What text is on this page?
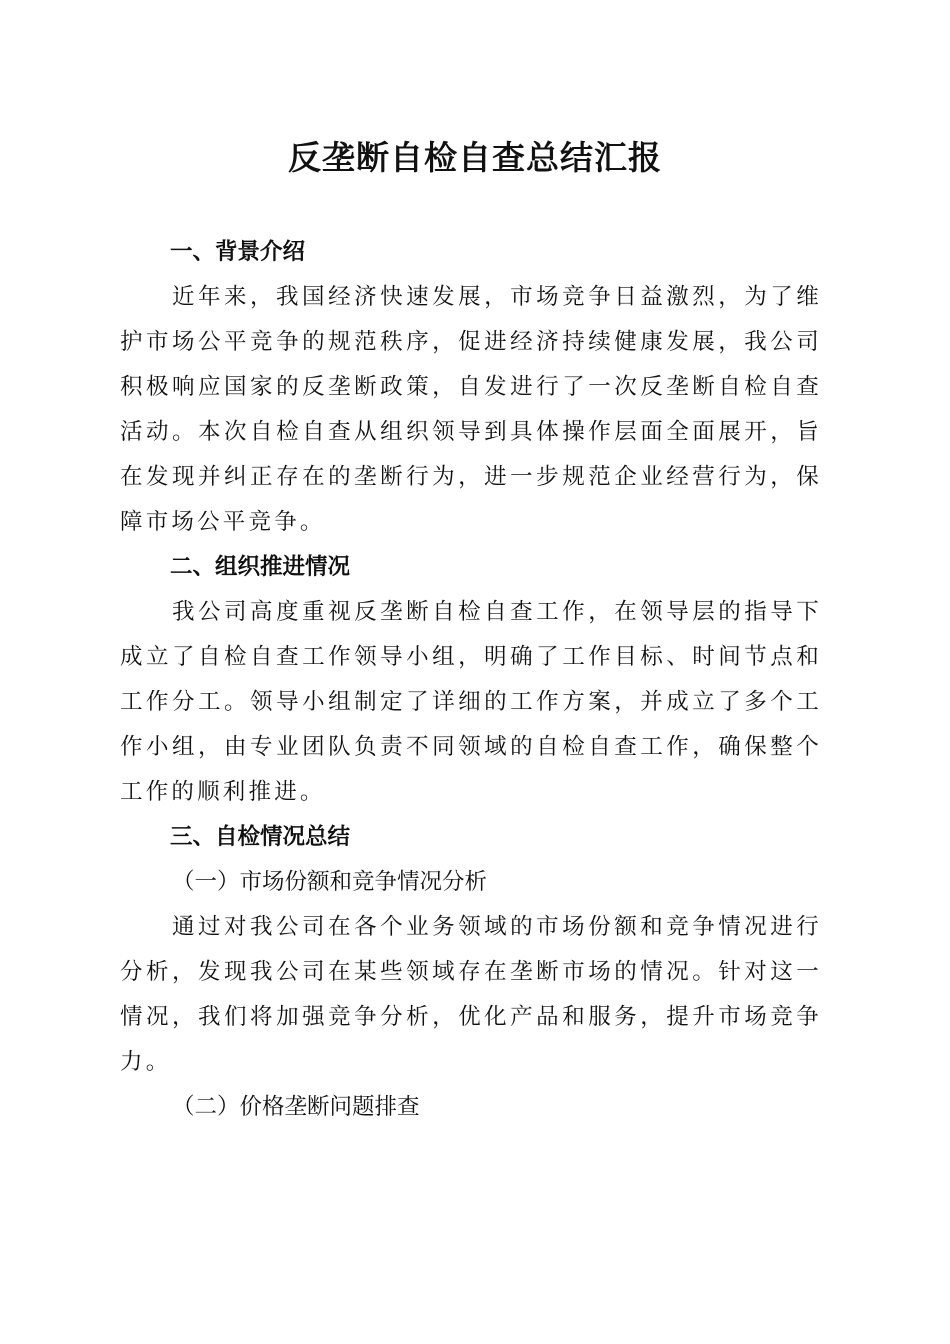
反垄断自检自查总结汇报
一、背景介绍

近年来，我国经济快速发展，市场竞争日益激烈，为了维护市场公平竞争的规范秩序，促进经济持续健康发展，我公司积极响应国家的反垄断政策，自发进行了一次反垄断自检自查活动。本次自检自查从组织领导到具体操作层面全面展开，旨在发现并纠正存在的垄断行为，进一步规范企业经营行为，保障市场公平竞争。

二、组织推进情况

我公司高度重视反垄断自检自查工作，在领导层的指导下成立了自检自查工作领导小组，明确了工作目标、时间节点和工作分工。领导小组制定了详细的工作方案，并成立了多个工作小组，由专业团队负责不同领域的自检自查工作，确保整个工作的顺利推进。

三、自检情况总结
（一）市场份额和竞争情况分析

通过对我公司在各个业务领域的市场份额和竞争情况进行分析，发现我公司在某些领域存在垄断市场的情况。针对这一情况，我们将加强竞争分析，优化产品和服务，提升市场竞争力。

（二）价格垄断问题排查
